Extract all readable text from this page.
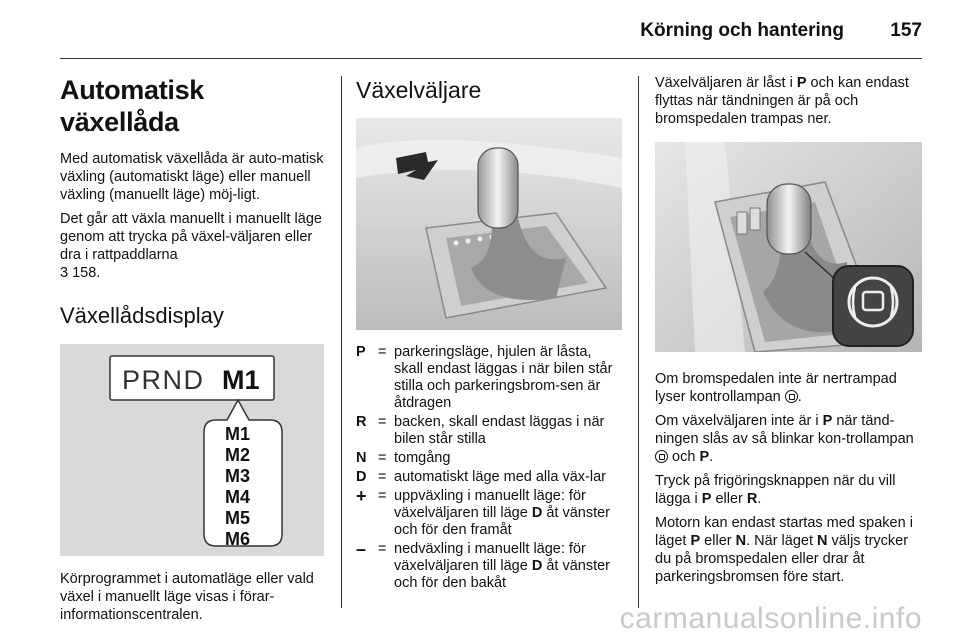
Körning och hantering 157
Automatisk växellåda

Med automatisk växellåda är auto-matisk växling (automatiskt läge) eller manuell växling (manuellt läge) möj-ligt.

Det går att växla manuellt i manuellt läge genom att trycka på växel-väljaren eller dra i rattpaddlarna
3 158.

Växellådsdisplay
PRND M1
M1
M2
M3
M4
M5
M6

Körprogrammet i automatläge eller vald växel i manuellt läge visas i förar-informationscentralen.

Växelväljare
P = parkeringsläge, hjulen är låsta, skall endast läggas i när bilen står stilla och parkeringsbrom-sen är åtdragen
R = backen, skall endast läggas i när bilen står stilla
N = tomgång
D = automatiskt läge med alla väx-lar
+ = uppväxling i manuellt läge: för växelväljaren till läge D åt vänster och för den framåt
– = nedväxling i manuellt läge: för växelväljaren till läge D åt vänster och för den bakåt

Växelväljaren är låst i P och kan endast flyttas när tändningen är på och bromspedalen trampas ner.

Om bromspedalen inte är nertrampad lyser kontrollampan .

Om växelväljaren inte är i P när tänd-ningen slås av så blinkar kon-trollampan  och P.

Tryck på frigöringsknappen när du vill lägga i P eller R.

Motorn kan endast startas med spaken i läget P eller N. När läget N väljs trycker du på bromspedalen eller drar åt parkeringsbromsen före start.

carmanualsonline.info
